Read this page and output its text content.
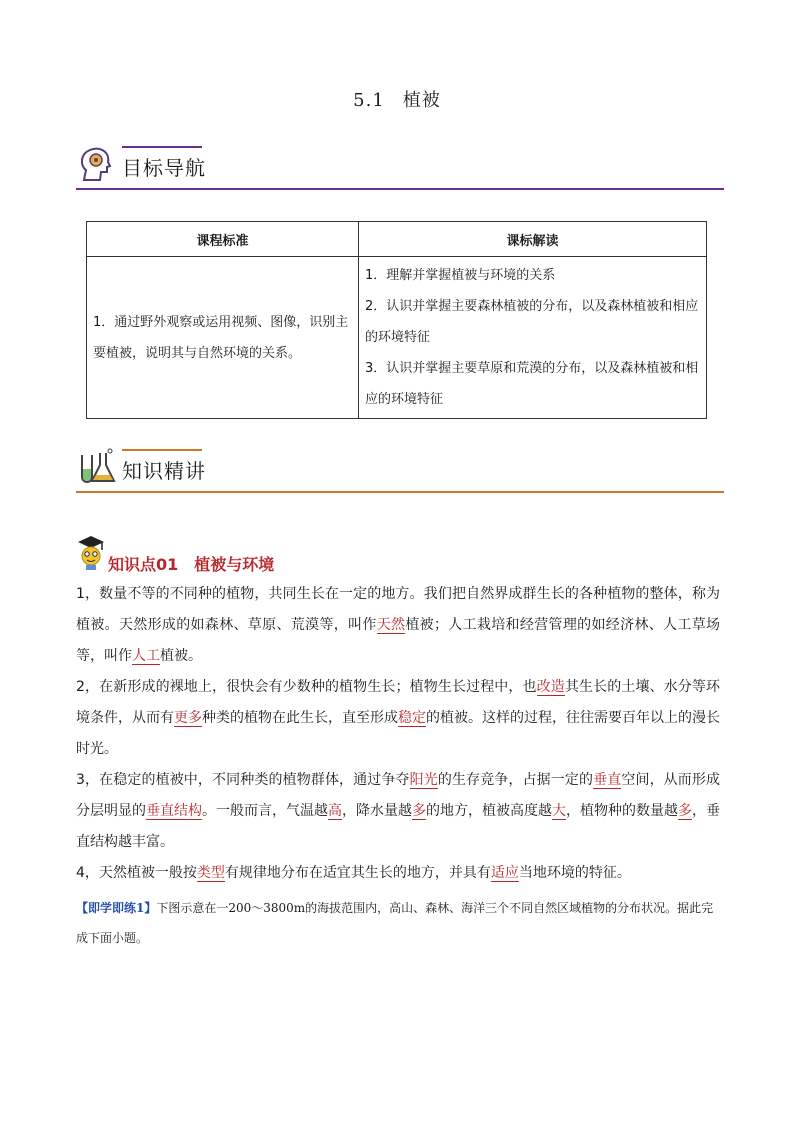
5.1 植被
目标导航
课程标准	课标解读
1．通过野外观察或运用视频、图像，识别主要植被，说明其与自然环境的关系。	1．理解并掌握植被与环境的关系

2．认识并掌握主要森林植被的分布，以及森林植被和相应的环境特征

3．认识并掌握主要草原和荒漠的分布，以及森林植被和相应的环境特征

知识精讲
知识点01 植被与环境

1，数量不等的不同种的植物，共同生长在一定的地方。我们把自然界成群生长的各种植物的整体，称为植被。天然形成的如森林、草原、荒漠等，叫作天然植被；人工栽培和经营管理的如经济林、人工草场等，叫作人工植被。

2，在新形成的裸地上，很快会有少数种的植物生长；植物生长过程中，也改造其生长的土壤、水分等环境条件，从而有更多种类的植物在此生长，直至形成稳定的植被。这样的过程，往往需要百年以上的漫长时光。

3，在稳定的植被中，不同种类的植物群体，通过争夺阳光的生存竞争，占据一定的垂直空间，从而形成分层明显的垂直结构。一般而言，气温越高，降水量越多的地方，植被高度越大，植物种的数量越多，垂直结构越丰富。

4，天然植被一般按类型有规律地分布在适宜其生长的地方，并具有适应当地环境的特征。

【即学即练1】下图示意在一200～3800m的海拔范围内，高山、森林、海洋三个不同自然区域植物的分布状况。据此完成下面小题。
